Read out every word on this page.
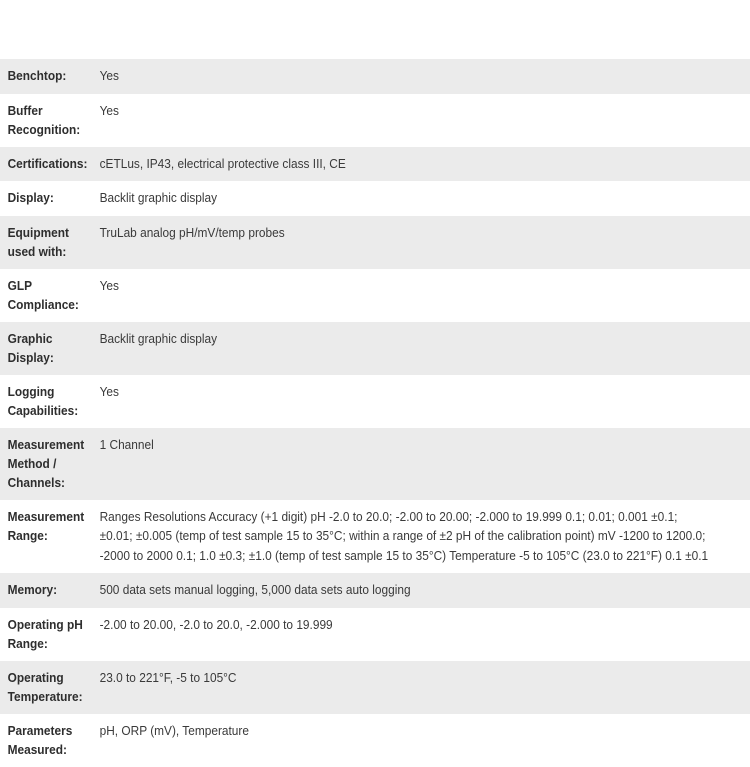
Benchtop:	Yes
Buffer Recognition:
Yes
Certifications: cETLus, IP43, electrical protective class III, CE
Display:	Backlit graphic display
Equipment used with:
TruLab analog pH/mV/temp probes
GLP Compliance:
Yes
Graphic Display:
Backlit graphic display
Logging Capabilities:
Yes
Measurement Method / Channels:
1 Channel
Measurement Range:
Ranges Resolutions Accuracy (+1 digit) pH -2.0 to 20.0; -2.00 to 20.00; -2.000 to 19.999 0.1; 0.01; 0.001 ±0.1; ±0.01; ±0.005 (temp of test sample 15 to 35°C; within a range of ±2 pH of the calibration point) mV -1200 to 1200.0; -2000 to 2000 0.1; 1.0 ±0.3; ±1.0 (temp of test sample 15 to 35°C) Temperature -5 to 105°C (23.0 to 221°F) 0.1 ±0.1
Memory:	500 data sets manual logging, 5,000 data sets auto logging
Operating pH Range:
-2.00 to 20.00, -2.0 to 20.0, -2.000 to 19.999
Operating Temperature:
23.0 to 221°F, -5 to 105°C
Parameters Measured:
pH, ORP (mV), Temperature
